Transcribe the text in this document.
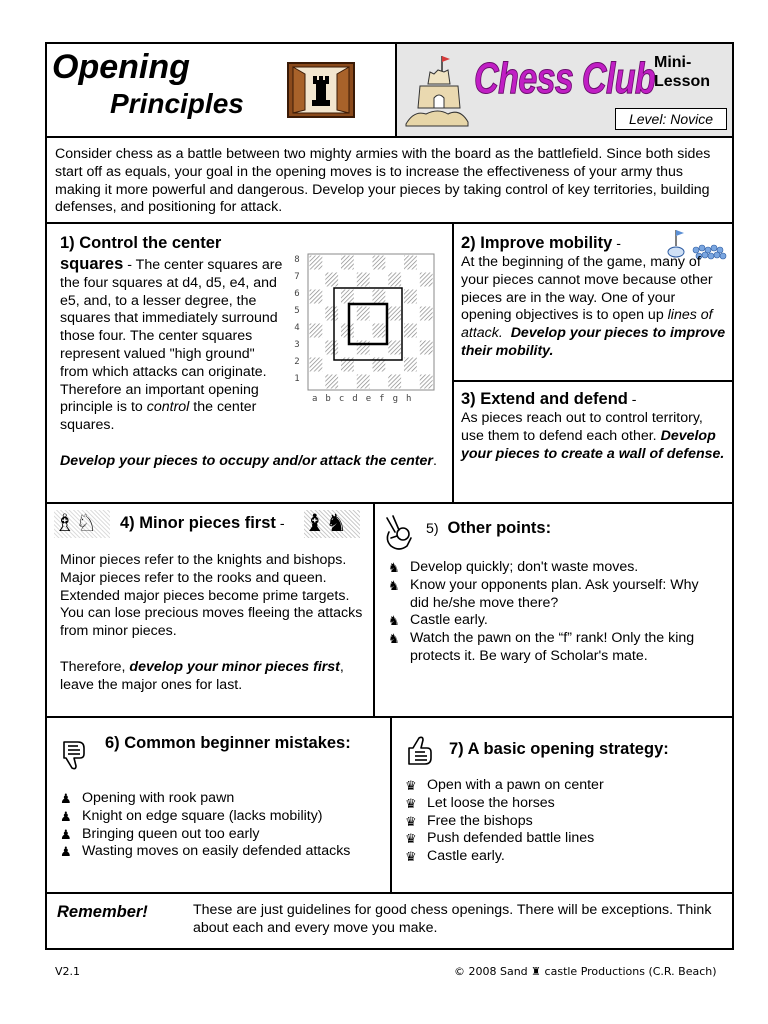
Opening
Principles
Chess Club Mini-
Lesson
Level: Novice
Consider chess as a battle between two mighty armies with the board as the battlefield. Since both sides start off as equals, your goal in the opening moves is to increase the effectiveness of your army thus making it more powerful and dangerous. Develop your pieces by taking control of key territories, building defenses, and positioning for attack.
1) Control the center
squares - The center squares are the four squares at d4, d5, e4, and e5, and, to a lesser degree, the squares that immediately surround those four. The center squares represent valued "high ground" from which attacks can originate. Therefore an important opening principle is to control the center squares.
8
7
6
5
4
3
2
1
a b c d e f g h
Develop your pieces to occupy and/or attack the center.
2) Improve mobility -
At the beginning of the game, many of your pieces cannot move because other pieces are in the way. One of your opening objectives is to open up lines of attack. Develop your pieces to improve their mobility.
3) Extend and defend -
As pieces reach out to control territory, use them to defend each other. Develop your pieces to create a wall of defense.
♗♘	4) Minor pieces first - ♝♞
Minor pieces refer to the knights and bishops. Major pieces refer to the rooks and queen. Extended major pieces become prime targets. You can lose precious moves fleeing the attacks from minor pieces.
Therefore, develop your minor pieces first, leave the major ones for last.
5) Other points:
♞ Develop quickly; don't waste moves.
♞ Know your opponents plan. Ask yourself: Why did he/she move there?
♞ Castle early.
♞ Watch the pawn on the “f” rank! Only the king protects it. Be wary of Scholar's mate.
6) Common beginner mistakes:
♟ Opening with rook pawn
♟ Knight on edge square (lacks mobility)
♟ Bringing queen out too early
♟ Wasting moves on easily defended attacks
7) A basic opening strategy:
♛ Open with a pawn on center
♛ Let loose the horses
♛ Free the bishops
♛ Push defended battle lines
♛ Castle early.
Remember!	These are just guidelines for good chess openings. There will be exceptions. Think about each and every move you make.
V2.1	© 2008 Sand ♜ castle Productions (C.R. Beach)
